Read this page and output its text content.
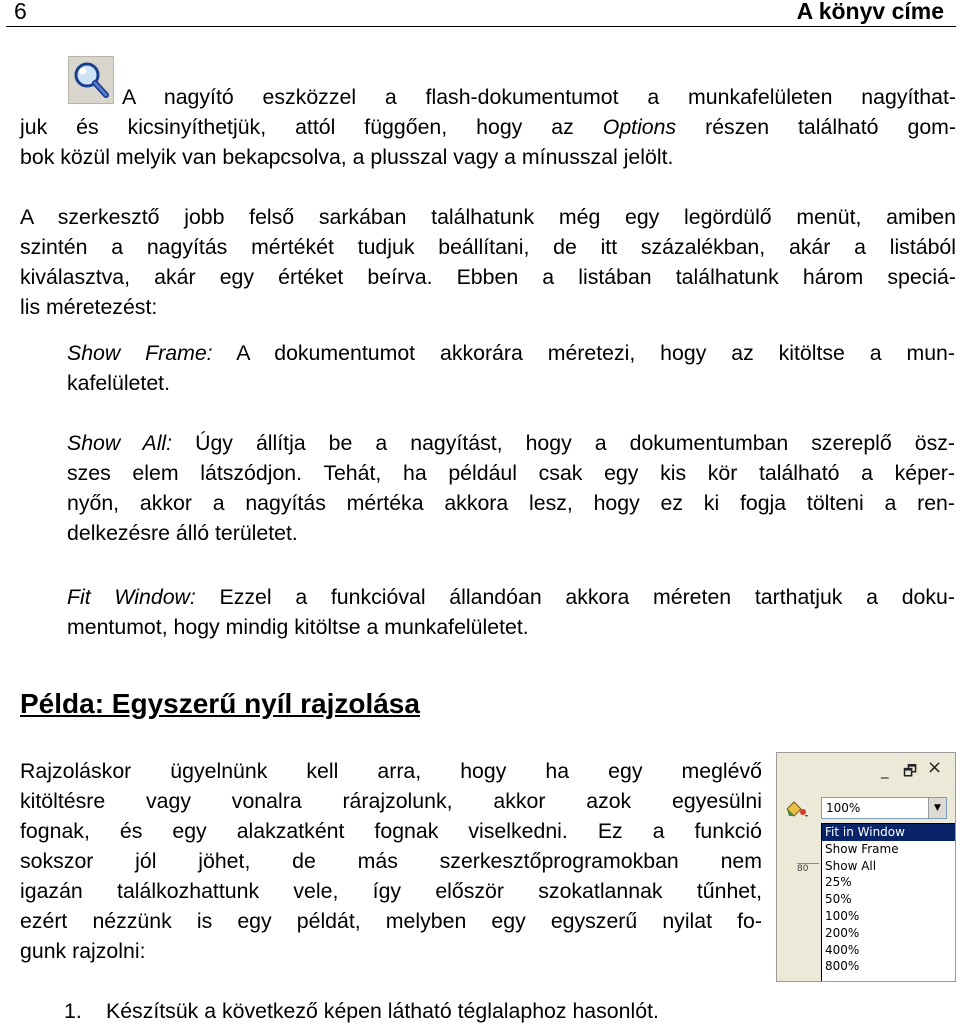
6	A könyv címe
A nagyító eszközzel a flash-dokumentumot a munkafelületen nagyíthat-
juk és kicsinyíthetjük, attól függően, hogy az Options részen található gom-
bok közül melyik van bekapcsolva, a plusszal vagy a mínusszal jelölt.
A szerkesztő jobb felső sarkában találhatunk még egy legördülő menüt, amiben
szintén a nagyítás mértékét tudjuk beállítani, de itt százalékban, akár a listából
kiválasztva, akár egy értéket beírva. Ebben a listában találhatunk három speciá-
lis méretezést:
Show Frame: A dokumentumot akkorára méretezi, hogy az kitöltse a mun-
kafelületet.
Show All: Úgy állítja be a nagyítást, hogy a dokumentumban szereplő ösz-
szes elem látszódjon. Tehát, ha például csak egy kis kör található a képer-
nyőn, akkor a nagyítás mértéka akkora lesz, hogy ez ki fogja tölteni a ren-
delkezésre álló területet.
Fit Window: Ezzel a funkcióval állandóan akkora méreten tarthatjuk a doku-
mentumot, hogy mindig kitöltse a munkafelületet.
Példa: Egyszerű nyíl rajzolása
Rajzoláskor ügyelnünk kell arra, hogy ha egy meglévő
kitöltésre vagy vonalra rárajzolunk, akkor azok egyesülni
fognak, és egy alakzatként fognak viselkedni. Ez a funkció
sokszor jól jöhet, de más szerkesztőprogramokban nem
igazán találkozhattunk vele, így először szokatlannak tűnhet,
ezért nézzünk is egy példát, melyben egy egyszerű nyilat fo-
gunk rajzolni:
_ 🗗 ×
80
100%	▼
Fit in Window
Show Frame
Show All
25%
50%
100%
200%
400%
800%
1. Készítsük a következő képen látható téglalaphoz hasonlót.
